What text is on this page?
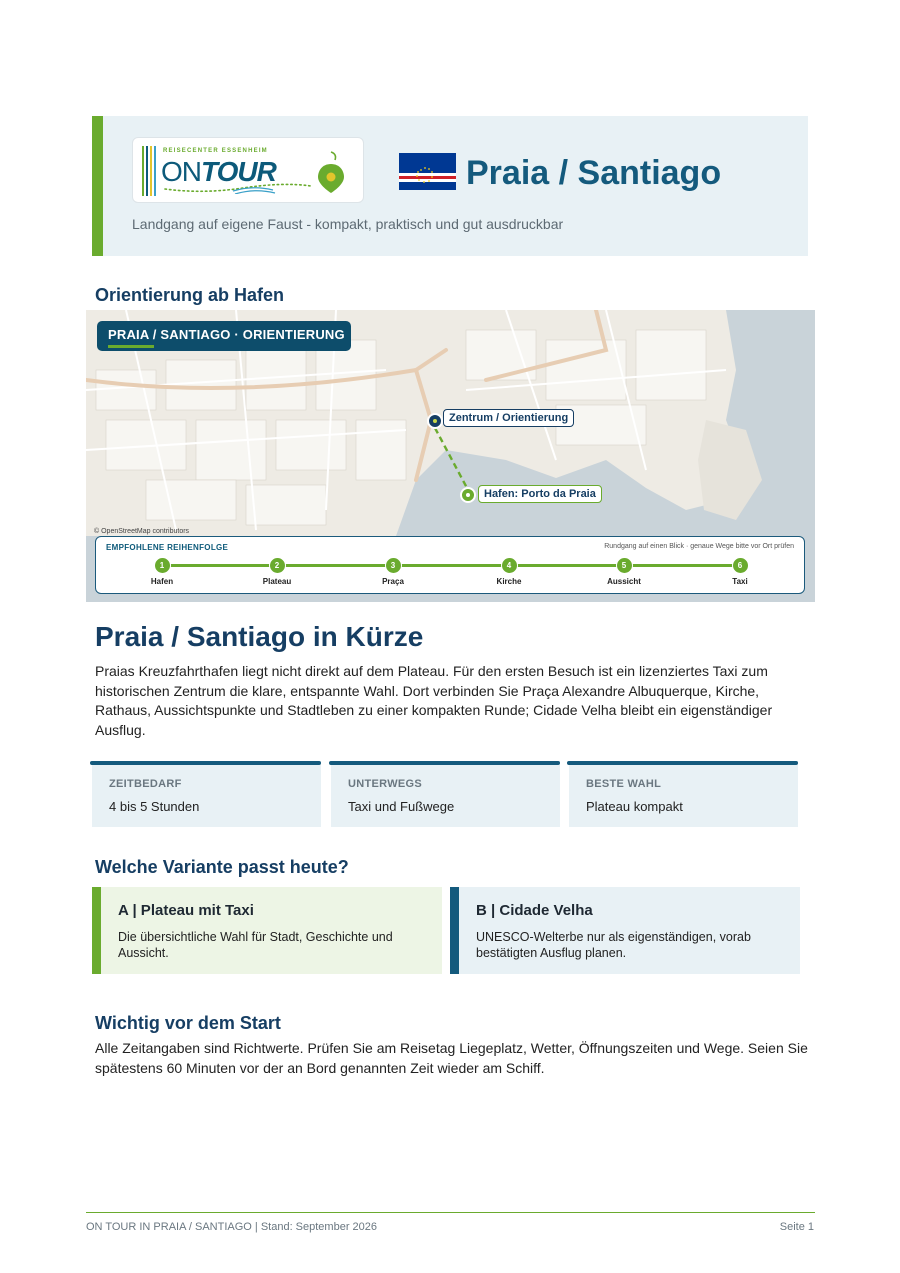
REISECENTER ESSENHEIM
ONTOUR	Praia / Santiago
Landgang auf eigene Faust - kompakt, praktisch und gut ausdruckbar
Orientierung ab Hafen
PRAIA / SANTIAGO · ORIENTIERUNG
Zentrum / Orientierung
Hafen: Porto da Praia
© OpenStreetMap contributors
EMPFOHLENE REIHENFOLGE	Rundgang auf einen Blick · genaue Wege bitte vor Ort prüfen
1
Hafen
2
Plateau
3
Praça
4
Kirche
5
Aussicht
6
Taxi
Praia / Santiago in Kürze

Praias Kreuzfahrthafen liegt nicht direkt auf dem Plateau. Für den ersten Besuch ist ein lizenziertes Taxi zum historischen Zentrum die klare, entspannte Wahl. Dort verbinden Sie Praça Alexandre Albuquerque, Kirche, Rathaus, Aussichtspunkte und Stadtleben zu einer kompakten Runde; Cidade Velha bleibt ein eigenständiger Ausflug.

ZEITBEDARF
4 bis 5 Stunden
UNTERWEGS
Taxi und Fußwege
BESTE WAHL
Plateau kompakt
Welche Variante passt heute?
A | Plateau mit Taxi
Die übersichtliche Wahl für Stadt, Geschichte und Aussicht.
B | Cidade Velha
UNESCO-Welterbe nur als eigenständigen, vorab bestätigten Ausflug planen.
Wichtig vor dem Start

Alle Zeitangaben sind Richtwerte. Prüfen Sie am Reisetag Liegeplatz, Wetter, Öffnungszeiten und Wege. Seien Sie spätestens 60 Minuten vor der an Bord genannten Zeit wieder am Schiff.

ON TOUR IN PRAIA / SANTIAGO | Stand: September 2026	Seite 1
